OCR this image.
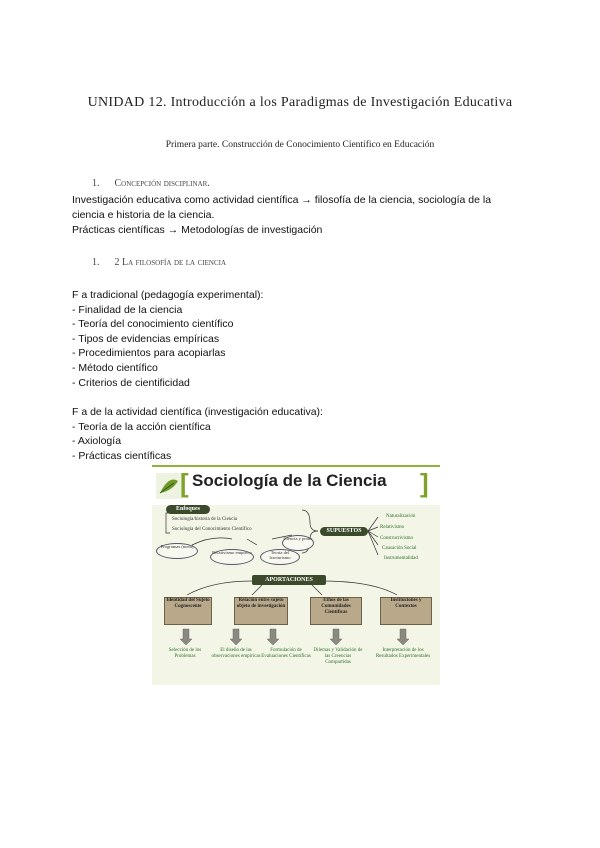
UNIDAD 12. Introducción a los Paradigmas de Investigación Educativa
Primera parte. Construcción de Conocimiento Científico en Educación
1. Concepción disciplinar.
Investigación educativa como actividad científica → filosofía de la ciencia, sociología de la
ciencia e historia de la ciencia.
Prácticas científicas → Metodologías de investigación
1. 2 La filosofía de la ciencia
F a tradicional (pedagogía experimental):
- Finalidad de la ciencia
- Teoría del conocimiento científico
- Tipos de evidencias empíricas
- Procedimientos para acopiarlas
- Método científico
- Criterios de cientificidad
F a de la actividad científica (investigación educativa):
- Teoría de la acción científica
- Axiología
- Prácticas científicas
[ Sociología de la Ciencia ]
Enfoques
Sociología/historia de la Ciencia
Sociología del Conocimiento Científico
Programas (meta)
Relativismo empírico	Teoría del fracturismo
Ciencia y poder
SUPUESTOS
Naturalización
Relativismo
Constructivismo
Causación Social
Instrumentalidad
APORTACIONES
Identidad del Sujeto Cognoscente
Relación entre sujeto objeto de investigación
Ethos de las Comunidades Científicas
Instituciones y Contextos
Selección de los Problemas
El diseño de las observaciones empíricas
Formulación de Evaluaciones Científicas
Dilemas y Validación de las Creencias Compartidas
Interpretación de los Resultados Experimentales
